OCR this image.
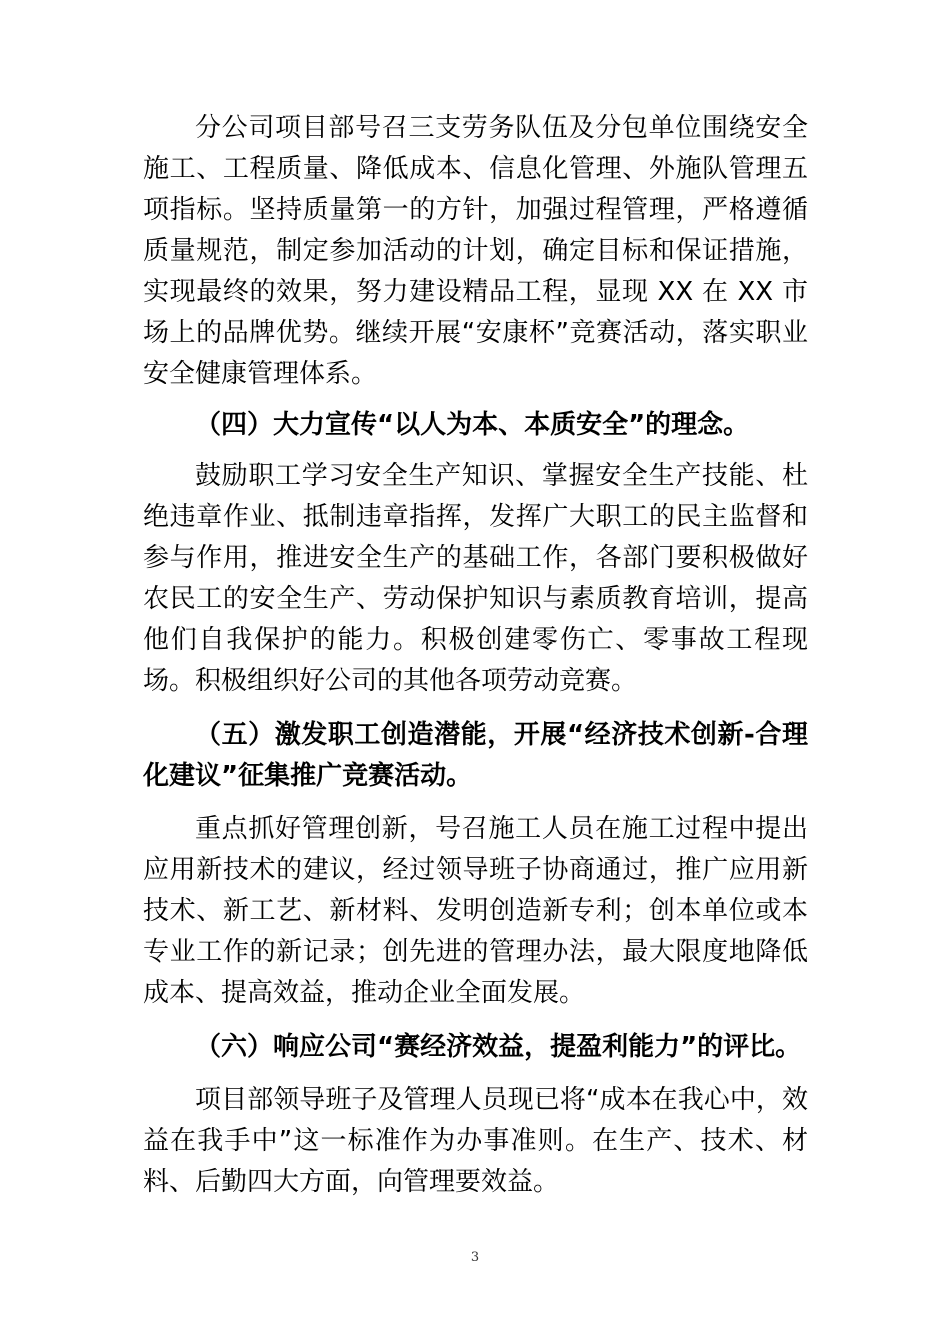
分公司项目部号召三支劳务队伍及分包单位围绕安全施工、工程质量、降低成本、信息化管理、外施队管理五项指标。坚持质量第一的方针，加强过程管理，严格遵循质量规范，制定参加活动的计划，确定目标和保证措施，实现最终的效果，努力建设精品工程，显现 XX 在 XX 市场上的品牌优势。继续开展“安康杯”竞赛活动，落实职业安全健康管理体系。

（四）大力宣传“以人为本、本质安全”的理念。

鼓励职工学习安全生产知识、掌握安全生产技能、杜绝违章作业、抵制违章指挥，发挥广大职工的民主监督和参与作用，推进安全生产的基础工作，各部门要积极做好农民工的安全生产、劳动保护知识与素质教育培训，提高他们自我保护的能力。积极创建零伤亡、零事故工程现场。积极组织好公司的其他各项劳动竞赛。

（五）激发职工创造潜能，开展“经济技术创新-合理化建议”征集推广竞赛活动。

重点抓好管理创新，号召施工人员在施工过程中提出应用新技术的建议，经过领导班子协商通过，推广应用新技术、新工艺、新材料、发明创造新专利；创本单位或本专业工作的新记录；创先进的管理办法，最大限度地降低成本、提高效益，推动企业全面发展。

（六）响应公司“赛经济效益，提盈利能力”的评比。

项目部领导班子及管理人员现已将“成本在我心中，效益在我手中”这一标准作为办事准则。在生产、技术、材料、后勤四大方面，向管理要效益。

3
